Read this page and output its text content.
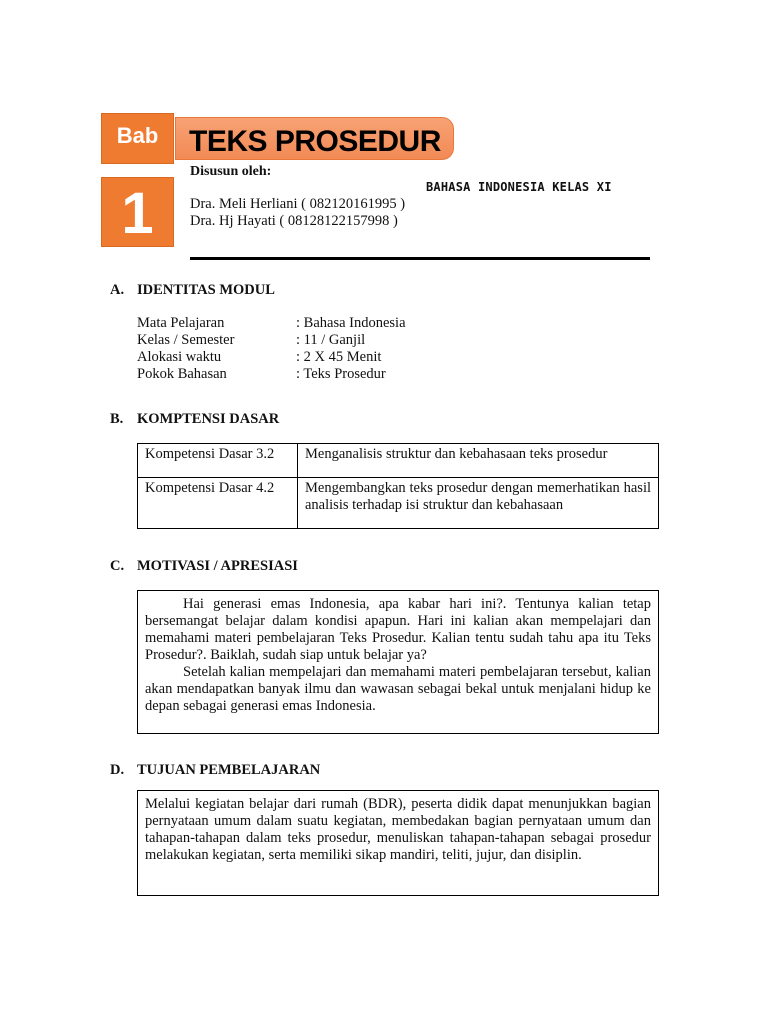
Bab
1
TEKS PROSEDUR
Disusun oleh:
Dra. Meli Herliani ( 082120161995 )
Dra. Hj Hayati ( 08128122157998 )
BAHASA INDONESIA KELAS XI
A. IDENTITAS MODUL
Mata Pelajaran	: Bahasa Indonesia
Kelas / Semester	: 11 / Ganjil
Alokasi waktu	: 2 X 45 Menit
Pokok Bahasan	: Teks Prosedur
B. KOMPTENSI DASAR
Kompetensi Dasar 3.2	Menganalisis struktur dan kebahasaan teks prosedur
Kompetensi Dasar 4.2	Mengembangkan teks prosedur dengan memerhatikan hasil analisis terhadap isi struktur dan kebahasaan
C. MOTIVASI / APRESIASI

Hai generasi emas Indonesia, apa kabar hari ini?. Tentunya kalian tetap bersemangat belajar dalam kondisi apapun. Hari ini kalian akan mempelajari dan memahami materi pembelajaran Teks Prosedur. Kalian tentu sudah tahu apa itu Teks Prosedur?. Baiklah, sudah siap untuk belajar ya?

Setelah kalian mempelajari dan memahami materi pembelajaran tersebut, kalian akan mendapatkan banyak ilmu dan wawasan sebagai bekal untuk menjalani hidup ke depan sebagai generasi emas Indonesia.

D. TUJUAN PEMBELAJARAN

Melalui kegiatan belajar dari rumah (BDR), peserta didik dapat menunjukkan bagian pernyataan umum dalam suatu kegiatan, membedakan bagian pernyataan umum dan tahapan-tahapan dalam teks prosedur, menuliskan tahapan-tahapan sebagai prosedur melakukan kegiatan, serta memiliki sikap mandiri, teliti, jujur, dan disiplin.
